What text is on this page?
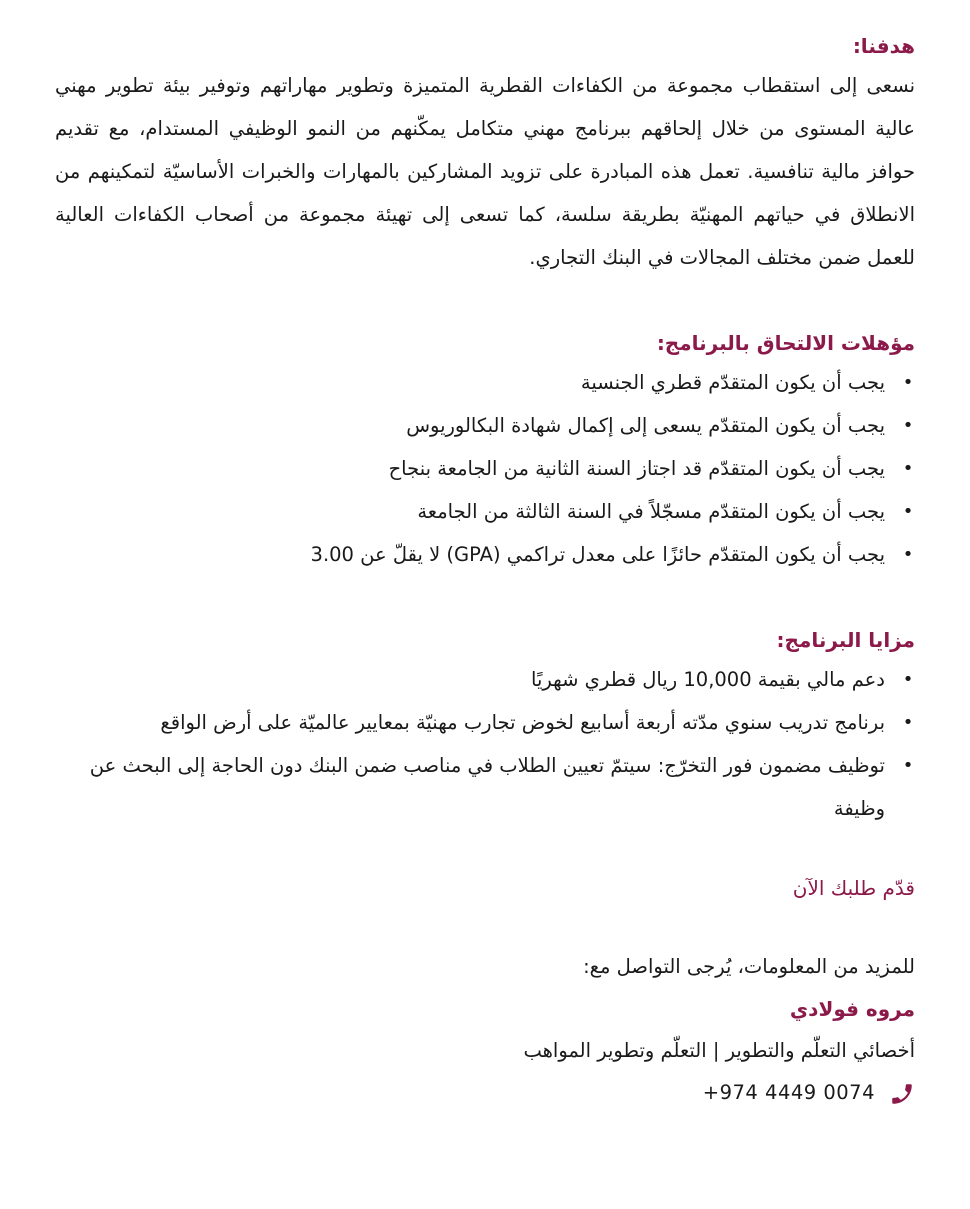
هدفنا:

نسعى إلى استقطاب مجموعة من الكفاءات القطرية المتميزة وتطوير مهاراتهم وتوفير بيئة تطوير مهني عالية المستوى من خلال إلحاقهم ببرنامج مهني متكامل يمكّنهم من النمو الوظيفي المستدام، مع تقديم حوافز مالية تنافسية. تعمل هذه المبادرة على تزويد المشاركين بالمهارات والخبرات الأساسيّة لتمكينهم من الانطلاق في حياتهم المهنيّة بطريقة سلسة، كما تسعى إلى تهيئة مجموعة من أصحاب الكفاءات العالية للعمل ضمن مختلف المجالات في البنك التجاري.

مؤهلات الالتحاق بالبرنامج:
•
يجب أن يكون المتقدّم قطري الجنسية
•
يجب أن يكون المتقدّم يسعى إلى إكمال شهادة البكالوريوس
•
يجب أن يكون المتقدّم قد اجتاز السنة الثانية من الجامعة بنجاح
•
يجب أن يكون المتقدّم مسجّلاً في السنة الثالثة من الجامعة
•
يجب أن يكون المتقدّم حائزًا على معدل تراكمي (GPA) لا يقلّ عن 3.00
مزايا البرنامج:
•
دعم مالي بقيمة 10,000 ريال قطري شهريًا
•
برنامج تدريب سنوي مدّته أربعة أسابيع لخوض تجارب مهنيّة بمعايير عالميّة على أرض الواقع
•
توظيف مضمون فور التخرّج: سيتمّ تعيين الطلاب في مناصب ضمن البنك دون الحاجة إلى البحث عن وظيفة
قدّم طلبك الآن

للمزيد من المعلومات، يُرجى التواصل مع:

مروه فولادي

أخصائي التعلّم والتطوير | التعلّم وتطوير المواهب

+974 4449 0074
